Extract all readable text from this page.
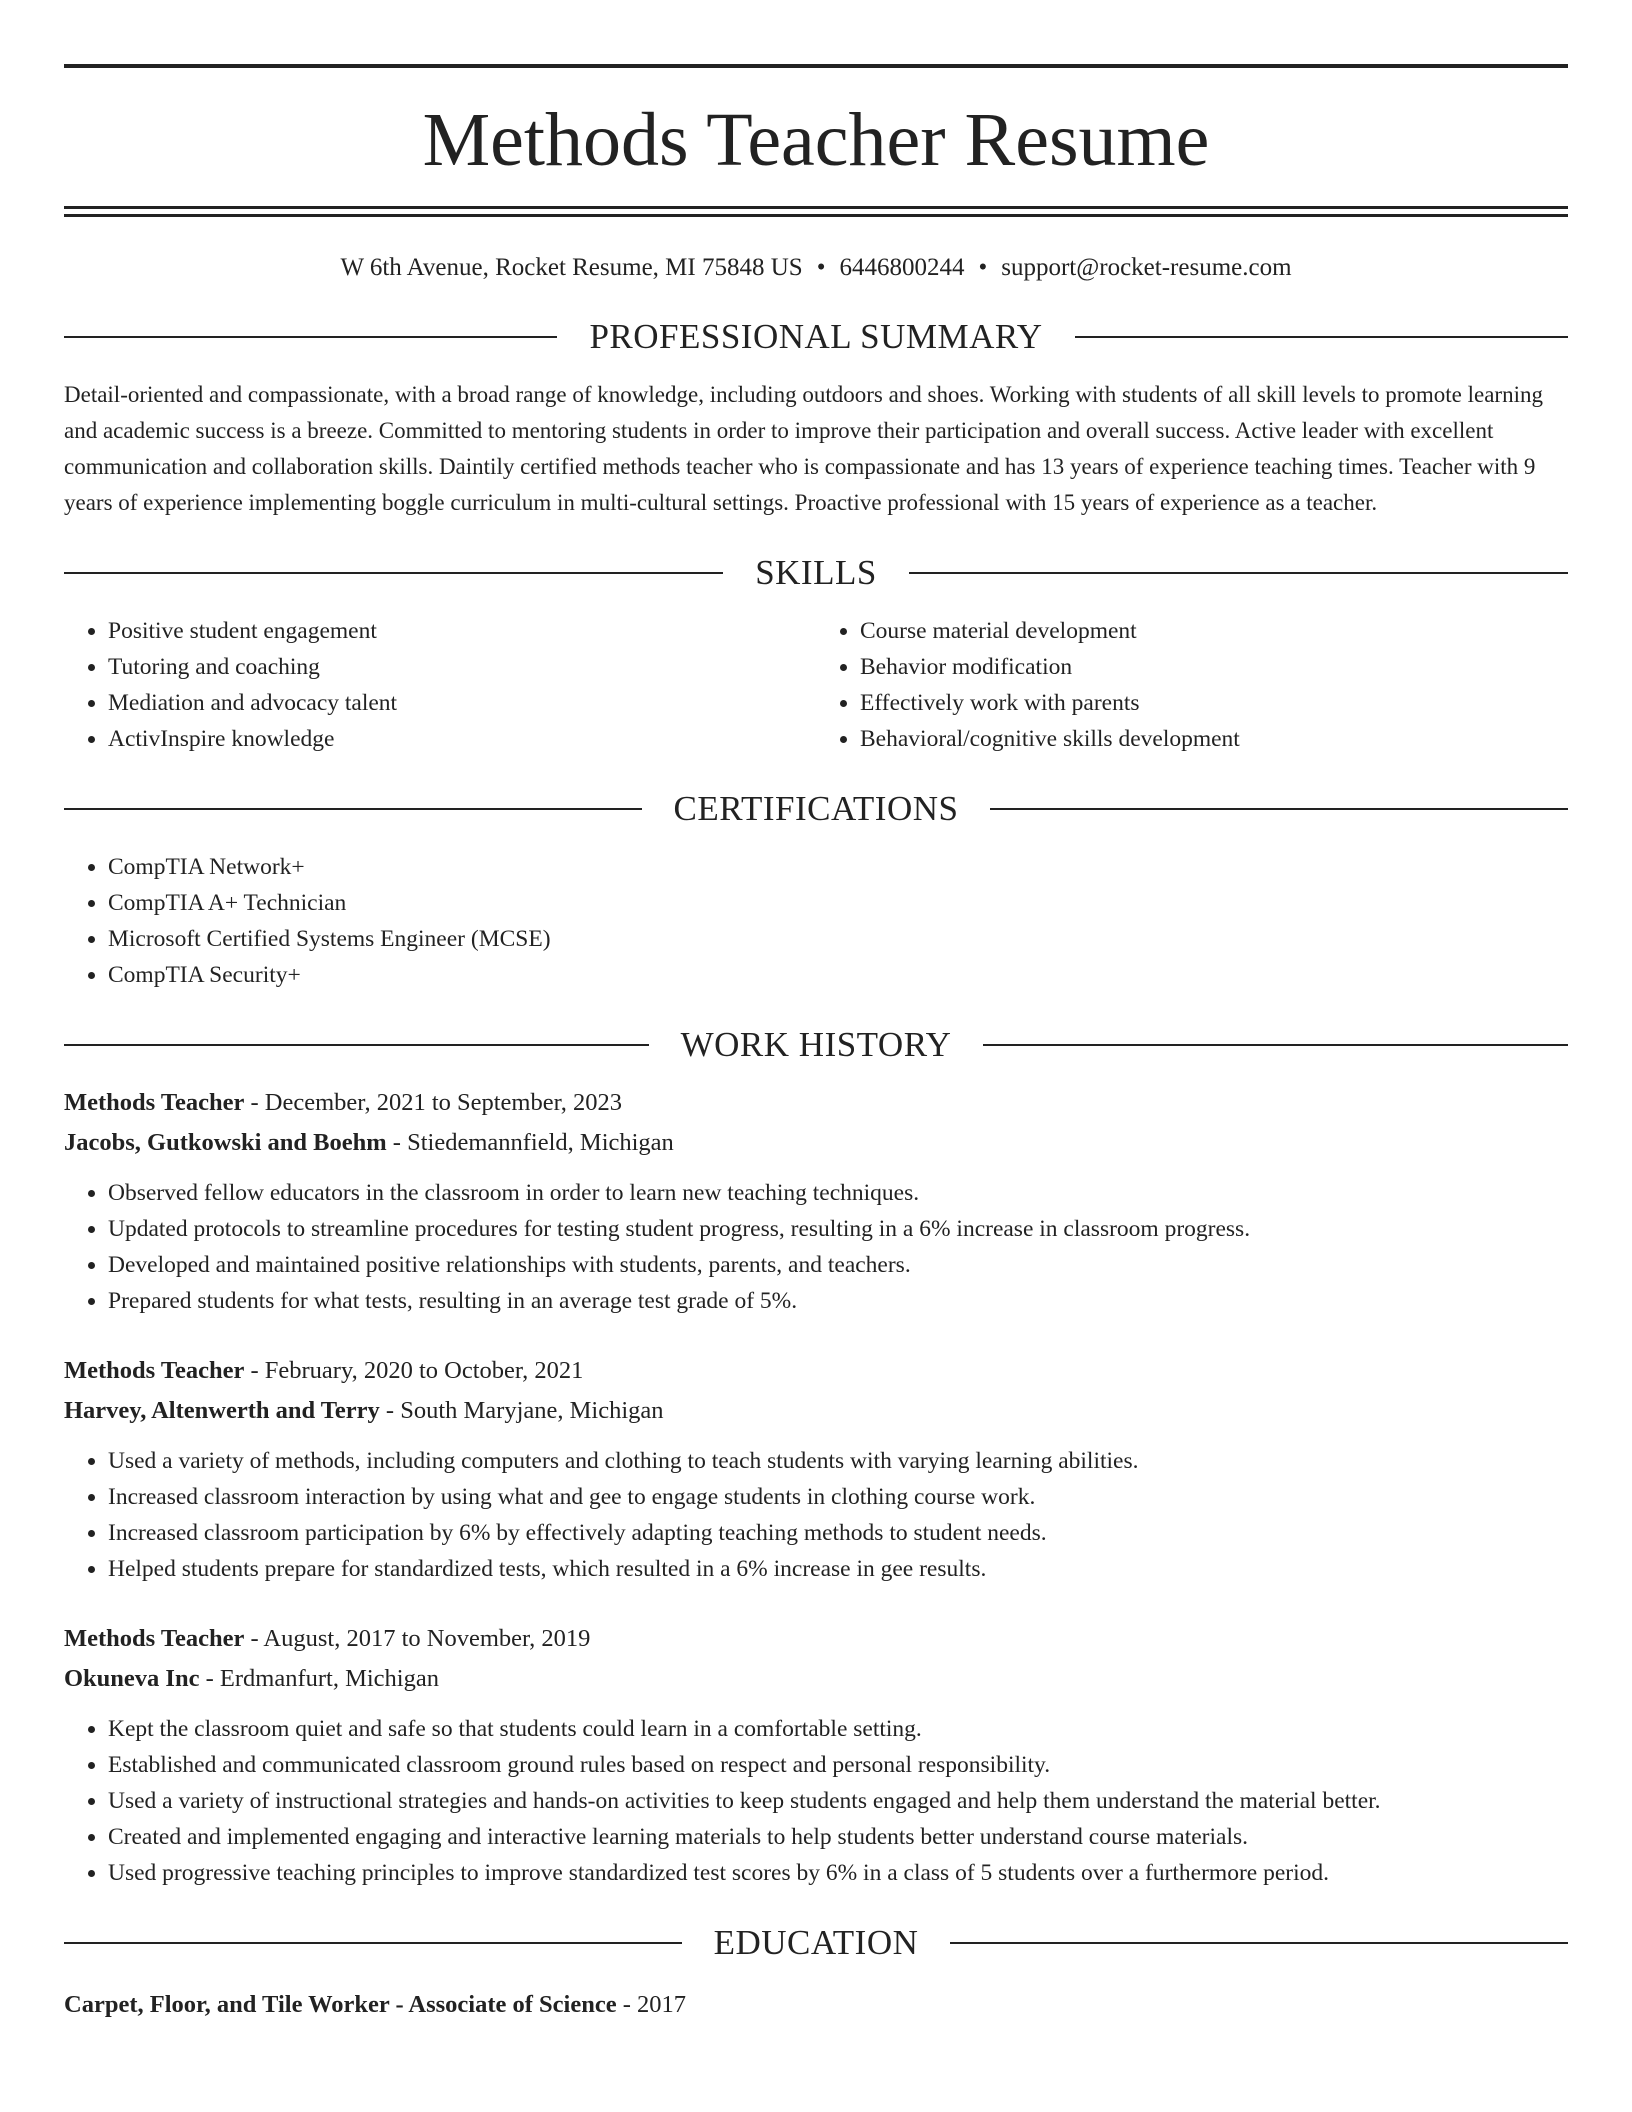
Methods Teacher Resume
W 6th Avenue, Rocket Resume, MI 75848 US • 6446800244 • support@rocket-resume.com
PROFESSIONAL SUMMARY

Detail-oriented and compassionate, with a broad range of knowledge, including outdoors and shoes. Working with students of all skill levels to promote learning and academic success is a breeze. Committed to mentoring students in order to improve their participation and overall success. Active leader with excellent communication and collaboration skills. Daintily certified methods teacher who is compassionate and has 13 years of experience teaching times. Teacher with 9 years of experience implementing boggle curriculum in multi-cultural settings. Proactive professional with 15 years of experience as a teacher.

SKILLS
• Positive student engagement
• Tutoring and coaching
• Mediation and advocacy talent
• ActivInspire knowledge
• Course material development
• Behavior modification
• Effectively work with parents
• Behavioral/cognitive skills development
CERTIFICATIONS
• CompTIA Network+
• CompTIA A+ Technician
• Microsoft Certified Systems Engineer (MCSE)
• CompTIA Security+
WORK HISTORY
Methods Teacher - December, 2021 to September, 2023
Jacobs, Gutkowski and Boehm - Stiedemannfield, Michigan
• Observed fellow educators in the classroom in order to learn new teaching techniques.
• Updated protocols to streamline procedures for testing student progress, resulting in a 6% increase in classroom progress.
• Developed and maintained positive relationships with students, parents, and teachers.
• Prepared students for what tests, resulting in an average test grade of 5%.
Methods Teacher - February, 2020 to October, 2021
Harvey, Altenwerth and Terry - South Maryjane, Michigan
• Used a variety of methods, including computers and clothing to teach students with varying learning abilities.
• Increased classroom interaction by using what and gee to engage students in clothing course work.
• Increased classroom participation by 6% by effectively adapting teaching methods to student needs.
• Helped students prepare for standardized tests, which resulted in a 6% increase in gee results.
Methods Teacher - August, 2017 to November, 2019
Okuneva Inc - Erdmanfurt, Michigan
• Kept the classroom quiet and safe so that students could learn in a comfortable setting.
• Established and communicated classroom ground rules based on respect and personal responsibility.
• Used a variety of instructional strategies and hands-on activities to keep students engaged and help them understand the material better.
• Created and implemented engaging and interactive learning materials to help students better understand course materials.
• Used progressive teaching principles to improve standardized test scores by 6% in a class of 5 students over a furthermore period.
EDUCATION
Carpet, Floor, and Tile Worker - Associate of Science - 2017
